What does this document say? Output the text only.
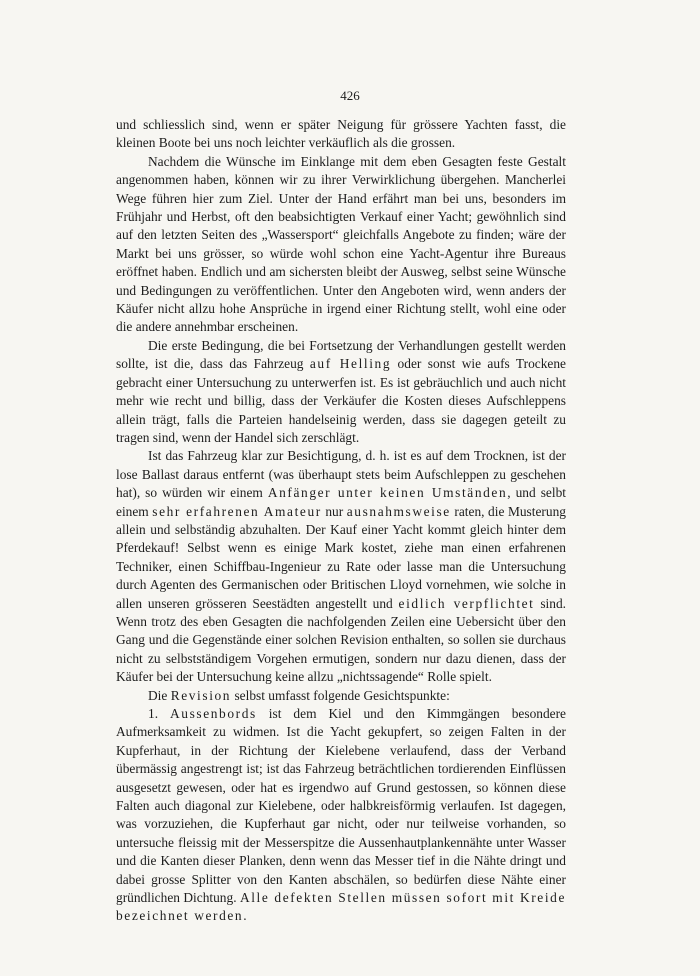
426

und schliesslich sind, wenn er später Neigung für grössere Yachten fasst, die kleinen Boote bei uns noch leichter verkäuflich als die grossen.

Nachdem die Wünsche im Einklange mit dem eben Gesagten feste Gestalt angenommen haben, können wir zu ihrer Verwirklichung übergehen. Mancherlei Wege führen hier zum Ziel. Unter der Hand erfährt man bei uns, besonders im Frühjahr und Herbst, oft den beabsichtigten Verkauf einer Yacht; gewöhnlich sind auf den letzten Seiten des „Wassersport“ gleichfalls Angebote zu finden; wäre der Markt bei uns grösser, so würde wohl schon eine Yacht-Agentur ihre Bureaus eröffnet haben. Endlich und am sichersten bleibt der Ausweg, selbst seine Wünsche und Bedingungen zu veröffentlichen. Unter den Angeboten wird, wenn anders der Käufer nicht allzu hohe Ansprüche in irgend einer Richtung stellt, wohl eine oder die andere annehmbar erscheinen.

Die erste Bedingung, die bei Fortsetzung der Verhandlungen gestellt werden sollte, ist die, dass das Fahrzeug auf Helling oder sonst wie aufs Trockene gebracht einer Untersuchung zu unterwerfen ist. Es ist gebräuchlich und auch nicht mehr wie recht und billig, dass der Verkäufer die Kosten dieses Aufschleppens allein trägt, falls die Parteien handelseinig werden, dass sie dagegen geteilt zu tragen sind, wenn der Handel sich zerschlägt.

Ist das Fahrzeug klar zur Besichtigung, d. h. ist es auf dem Trocknen, ist der lose Ballast daraus entfernt (was überhaupt stets beim Aufschleppen zu geschehen hat), so würden wir einem Anfänger unter keinen Umständen, und selbt einem sehr erfahrenen Amateur nur ausnahmsweise raten, die Musterung allein und selbständig abzuhalten. Der Kauf einer Yacht kommt gleich hinter dem Pferdekauf! Selbst wenn es einige Mark kostet, ziehe man einen erfahrenen Techniker, einen Schiffbau-Ingenieur zu Rate oder lasse man die Untersuchung durch Agenten des Germanischen oder Britischen Lloyd vornehmen, wie solche in allen unseren grösseren Seestädten angestellt und eidlich verpflichtet sind. Wenn trotz des eben Gesagten die nachfolgenden Zeilen eine Uebersicht über den Gang und die Gegenstände einer solchen Revision enthalten, so sollen sie durchaus nicht zu selbstständigem Vorgehen ermutigen, sondern nur dazu dienen, dass der Käufer bei der Untersuchung keine allzu „nichtssagende“ Rolle spielt.

Die Revision selbst umfasst folgende Gesichtspunkte:

1. Aussenbords ist dem Kiel und den Kimmgängen besondere Aufmerksamkeit zu widmen. Ist die Yacht gekupfert, so zeigen Falten in der Kupferhaut, in der Richtung der Kielebene verlaufend, dass der Verband übermässig angestrengt ist; ist das Fahrzeug beträchtlichen tordierenden Einflüssen ausgesetzt gewesen, oder hat es irgendwo auf Grund gestossen, so können diese Falten auch diagonal zur Kielebene, oder halbkreisförmig verlaufen. Ist dagegen, was vorzuziehen, die Kupferhaut gar nicht, oder nur teilweise vorhanden, so untersuche fleissig mit der Messerspitze die Aussenhautplankennähte unter Wasser und die Kanten dieser Planken, denn wenn das Messer tief in die Nähte dringt und dabei grosse Splitter von den Kanten abschälen, so bedürfen diese Nähte einer gründlichen Dichtung. Alle defekten Stellen müssen sofort mit Kreide bezeichnet werden.
